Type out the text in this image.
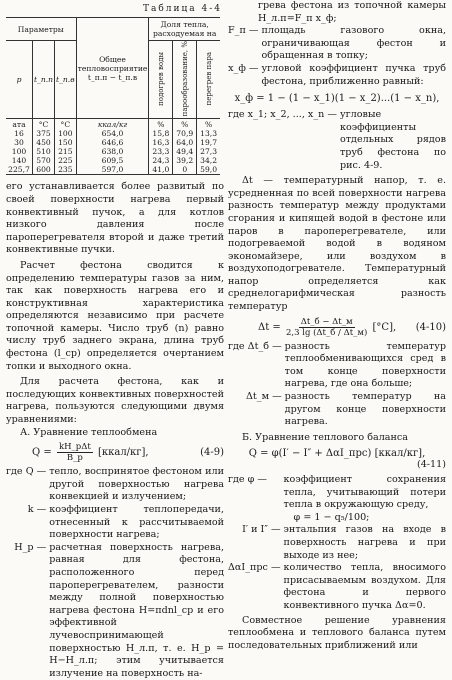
Таблица 4-4
Параметры			Общее тепловосприятие
t_п.п − t_п.в	Доля тепла, расходуемая на		
p	t_п.п	t_п.в		подогрев воды	парообразование, %	перегрев пара
ата	°C	°C	ккал/кг	%	%	%
16	375	100	654,0	15,8	70,9	13,3
30	450	150	646,6	16,3	64,0	19,7
100	510	215	638,0	23,3	49,4	27,3
140	570	225	609,5	24,3	39,2	34,2
225,7	600	235	597,0	41,0	0	59,0

его устанавливается более развитый по своей поверхности нагрева первый конвективный пучок, а для котлов низкого давления после пароперегревателя второй и даже третий конвективные пучки.

Расчет фестона сводится к определению температуры газов за ним, так как поверхность нагрева его и конструктивная характеристика определяются независимо при расчете топочной камеры. Число труб (n) равно числу труб заднего экрана, длина труб фестона (l_ср) определяется очертанием топки и выходного окна.

Для расчета фестона, как и последующих конвективных поверхностей нагрева, пользуются следующими двумя уравнениями:

А. Уравнение теплообмена

$Q = \frac{\text{kH\_рΔt}}{B\_р}$ [ккал/кг],	(4-9)
где Q — тепло, воспринятое фестоном или другой поверхностью нагрева конвекцией и излучением;
k — коэффициент теплопередачи, отнесенный к рассчитываемой поверхности нагрева;
H_р — расчетная поверхность нагрева, равная для фестона, расположенного перед пароперегревателем, разности между полной поверхностью нагрева фестона H=πdnl_ср и его эффективной лучевоспринимающей поверхностью H_л.п, т. е. H_р = H−H_л.п; этим учитывается излучение на поверхность на-

грева фестона из топочной камеры H_л.п=F_п x_ф;

F_п — площадь газового окна, ограничивающая фестон и обращенная в топку;
x_ф — угловой коэффициент пучка труб фестона, приближенно равный:
x_ф = 1 − (1 − x_1)(1 − x_2)...(1 − x_n),
где x_1; x_2, ..., x_n — угловые коэффициенты отдельных рядов труб фестона по рис. 4-9.

Δt — температурный напор, т. е. усредненная по всей поверхности нагрева разность температур между продуктами сгорания и кипящей водой в фестоне или паров в пароперегревателе, или подогреваемой водой в водяном экономайзере, или воздухом в воздухоподогревателе. Температурный напор определяется как среднелогарифмическая разность температур

$\Delta t = \frac{\Delta t\_б - \Delta t\_м}{2,3 \lg (\Delta t\_б / \Delta t\_м)} [^\circ C]$, (4-10)
где Δt_б — разность температур теплообменивающихся сред в том конце поверхности нагрева, где она больше;
Δt_м — разность температур на другом конце поверхности нагрева.

Б. Уравнение теплового баланса

Q = φ(I′ − I″ + ΔαI_прс) [ккал/кг],
(4-11)
где φ —	коэффициент сохранения тепла, учитывающий потери тепла в окружающую среду,
φ = 1 − q₅/100;
I′ и I″ — энтальпия газов на входе в поверхность нагрева и при выходе из нее;
ΔαI_прс — количество тепла, вносимого присасываемым воздухом. Для фестона и первого конвективного пучка Δα=0.

Совместное решение уравнения теплообмена и теплового баланса путем последовательных приближений или
